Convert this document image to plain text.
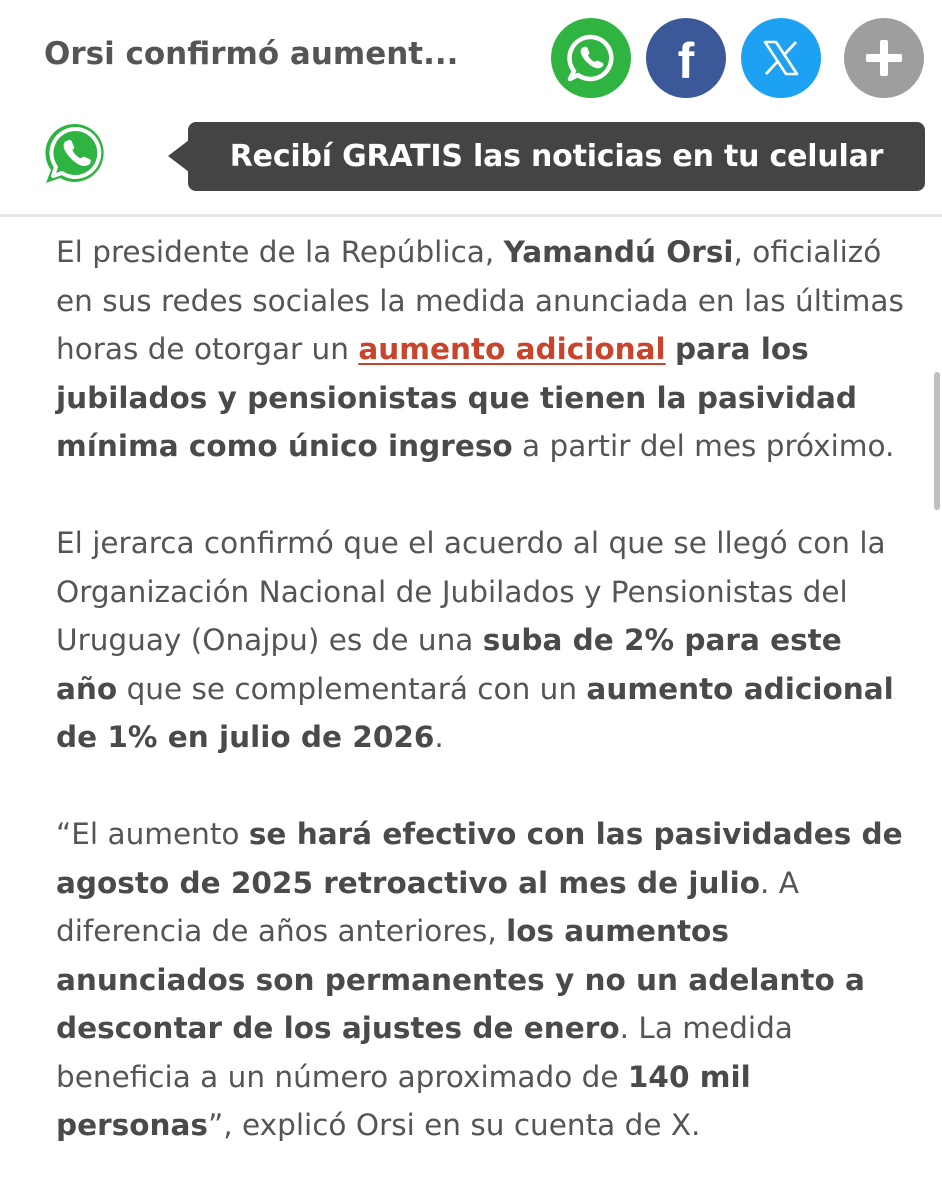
Orsi confirmó aument...	f
Recibí GRATIS las noticias en tu celular

El presidente de la República, Yamandú Orsi, oficializó en sus redes sociales la medida anunciada en las últimas horas de otorgar un aumento adicional para los jubilados y pensionistas que tienen la pasividad mínima como único ingreso a partir del mes próximo.

El jerarca confirmó que el acuerdo al que se llegó con la Organización Nacional de Jubilados y Pensionistas del Uruguay (Onajpu) es de una suba de 2% para este año que se complementará con un aumento adicional de 1% en julio de 2026.

“El aumento se hará efectivo con las pasividades de agosto de 2025 retroactivo al mes de julio. A diferencia de años anteriores, los aumentos anunciados son permanentes y no un adelanto a descontar de los ajustes de enero. La medida beneficia a un número aproximado de 140 mil personas”, explicó Orsi en su cuenta de X.
